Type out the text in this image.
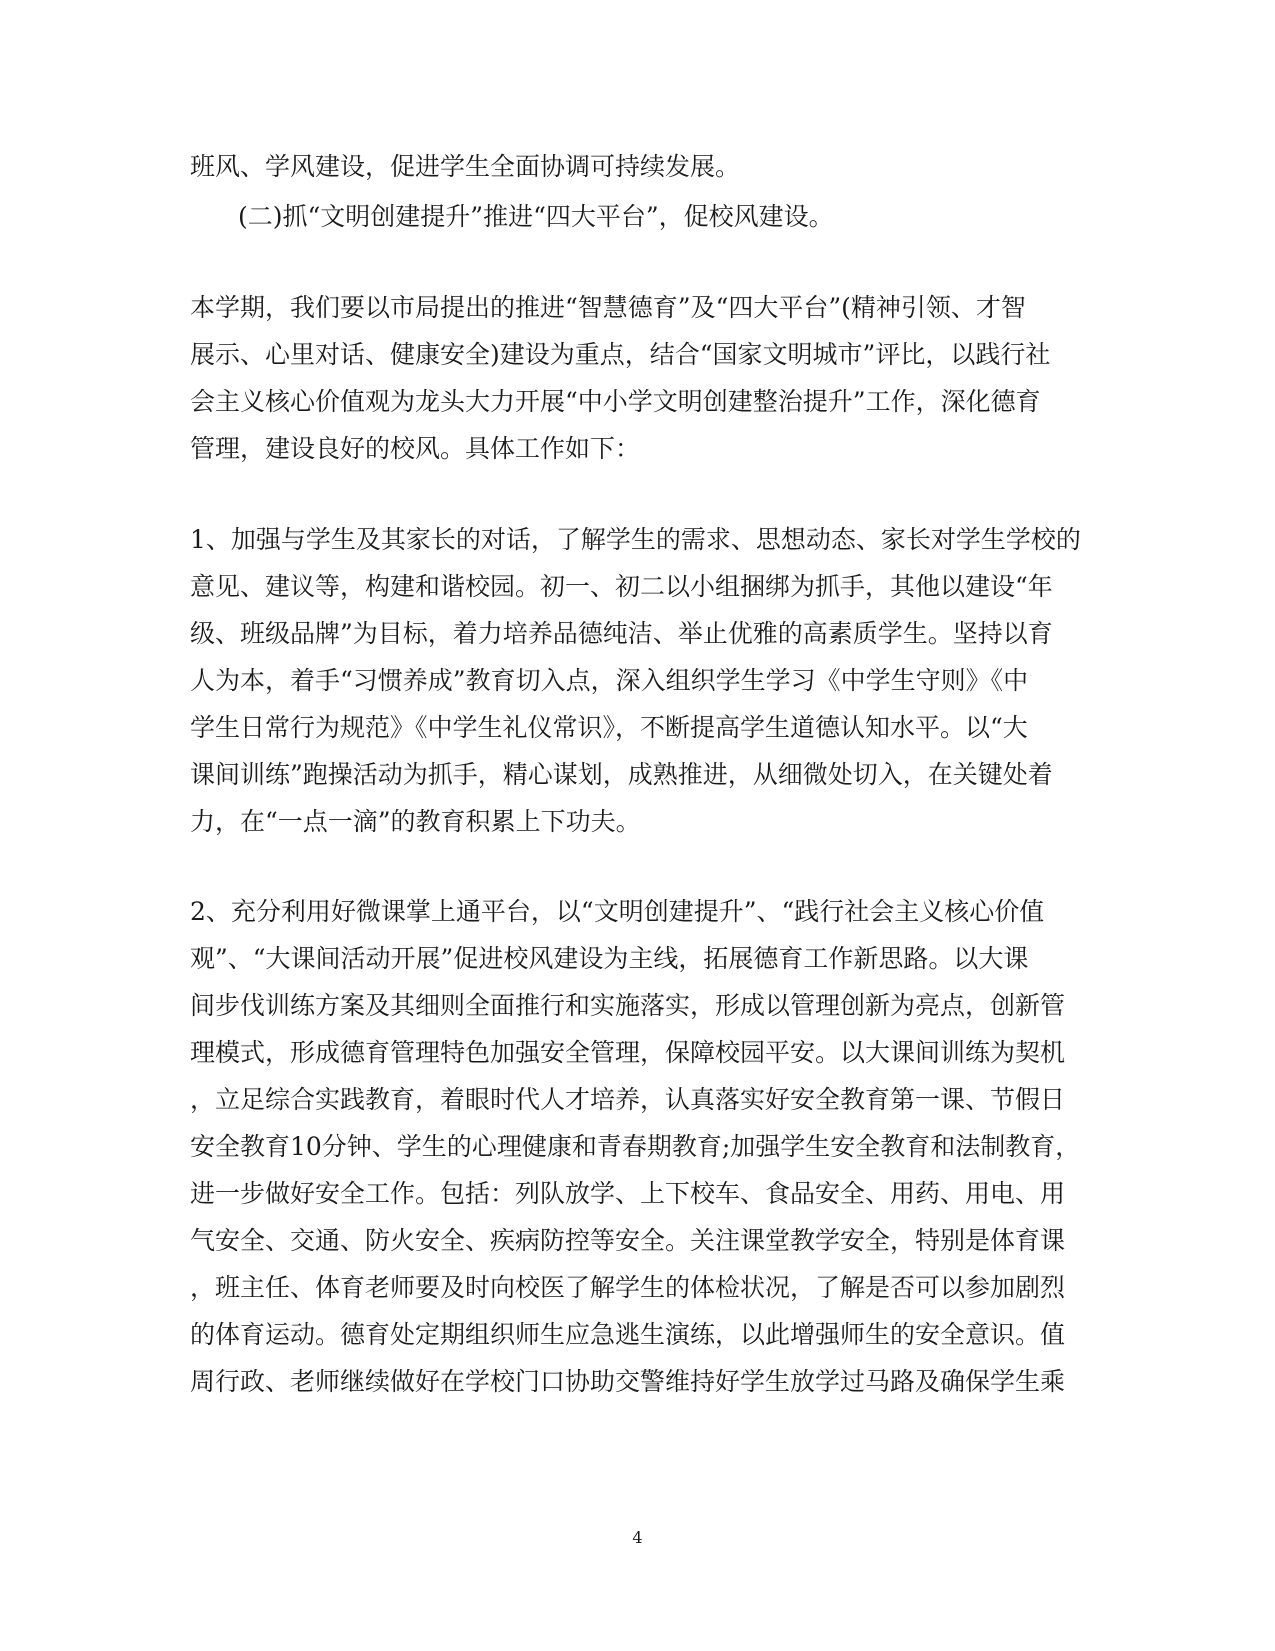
班风、学风建设，促进学生全面协调可持续发展。
(二)抓“文明创建提升”推进“四大平台”，促校风建设。
本学期，我们要以市局提出的推进“智慧德育”及“四大平台”(精神引领、才智
展示、心里对话、健康安全)建设为重点，结合“国家文明城市”评比，以践行社
会主义核心价值观为龙头大力开展“中小学文明创建整治提升”工作，深化德育
管理，建设良好的校风。具体工作如下：
1、加强与学生及其家长的对话，了解学生的需求、思想动态、家长对学生学校的
意见、建议等，构建和谐校园。初一、初二以小组捆绑为抓手，其他以建设“年
级、班级品牌”为目标，着力培养品德纯洁、举止优雅的高素质学生。坚持以育
人为本，着手“习惯养成”教育切入点，深入组织学生学习《中学生守则》《中
学生日常行为规范》《中学生礼仪常识》，不断提高学生道德认知水平。以“大
课间训练”跑操活动为抓手，精心谋划，成熟推进，从细微处切入，在关键处着
力，在“一点一滴”的教育积累上下功夫。
2、充分利用好微课掌上通平台，以“文明创建提升”、“践行社会主义核心价值
观”、“大课间活动开展”促进校风建设为主线，拓展德育工作新思路。以大课
间步伐训练方案及其细则全面推行和实施落实，形成以管理创新为亮点，创新管
理模式，形成德育管理特色加强安全管理，保障校园平安。以大课间训练为契机
，立足综合实践教育，着眼时代人才培养，认真落实好安全教育第一课、节假日
安全教育10分钟、学生的心理健康和青春期教育;加强学生安全教育和法制教育，
进一步做好安全工作。包括：列队放学、上下校车、食品安全、用药、用电、用
气安全、交通、防火安全、疾病防控等安全。关注课堂教学安全，特别是体育课
，班主任、体育老师要及时向校医了解学生的体检状况，了解是否可以参加剧烈
的体育运动。德育处定期组织师生应急逃生演练，以此增强师生的安全意识。值
周行政、老师继续做好在学校门口协助交警维持好学生放学过马路及确保学生乘
4
